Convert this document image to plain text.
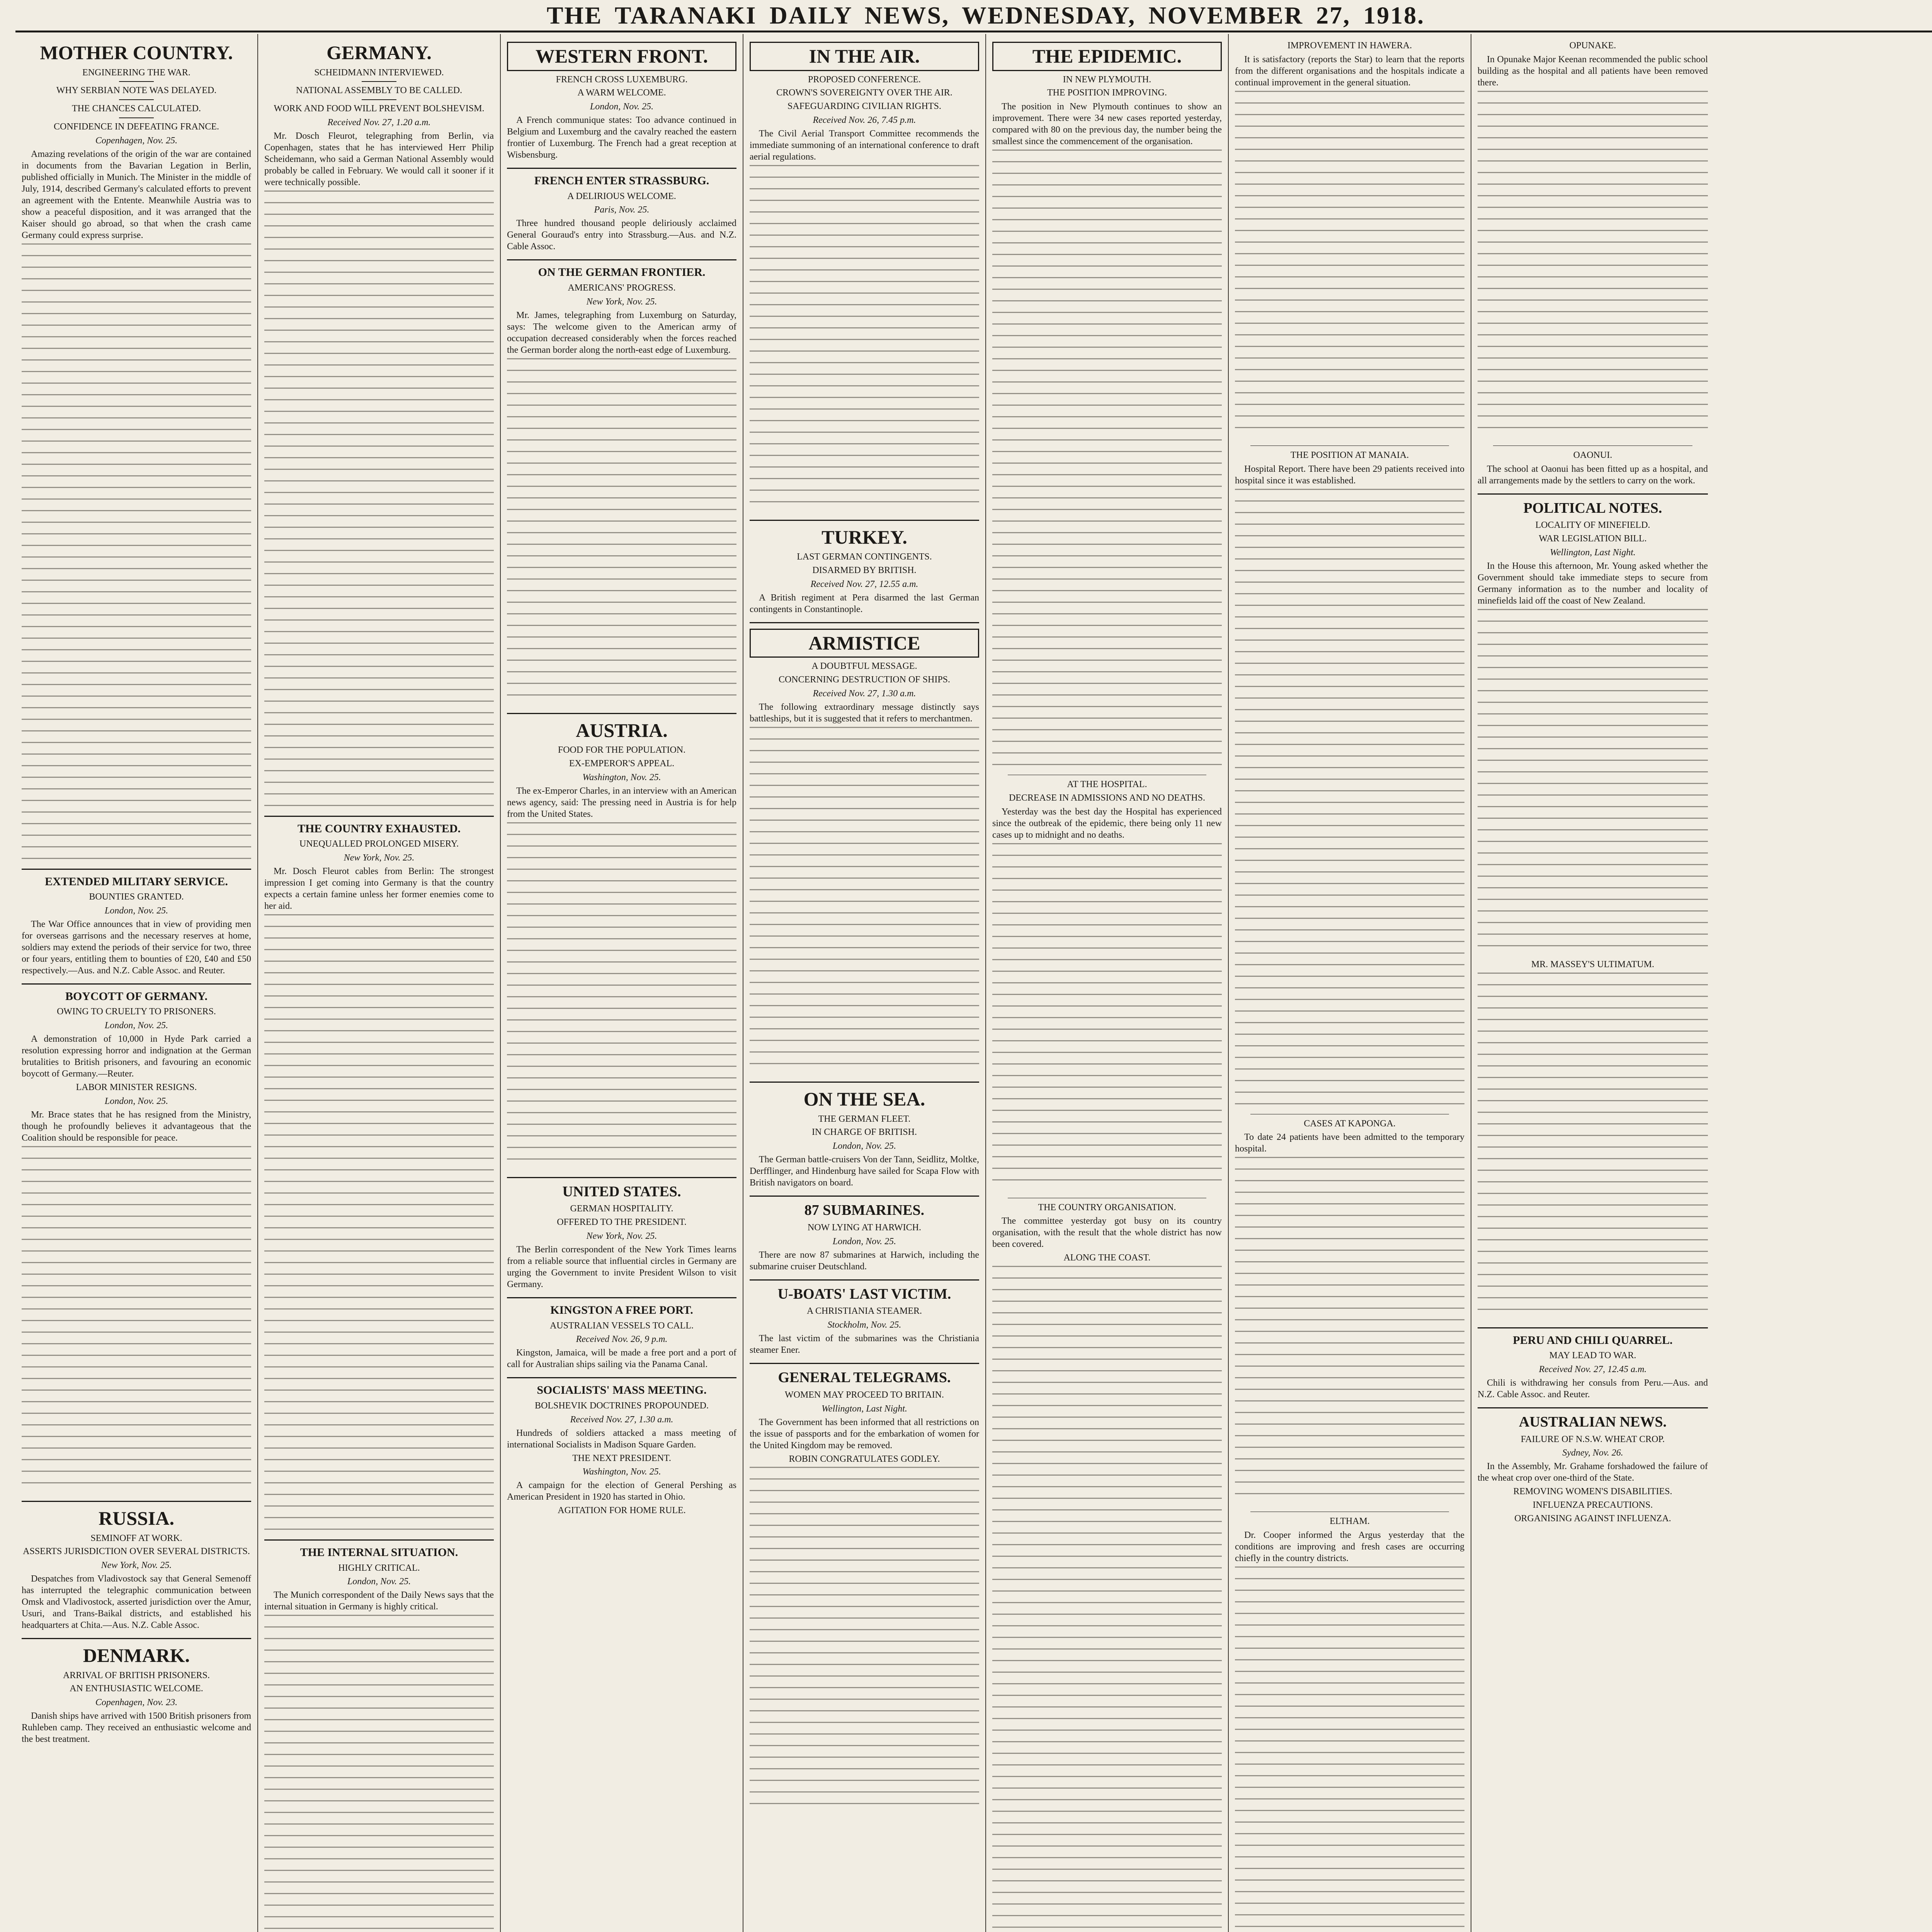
THE TARANAKI DAILY NEWS, WEDNESDAY, NOVEMBER 27, 1918.
MOTHER COUNTRY.
ENGINEERING THE WAR.
WHY SERBIAN NOTE WAS DELAYED.
THE CHANCES CALCULATED.
CONFIDENCE IN DEFEATING FRANCE.
Copenhagen, Nov. 25.

Amazing revelations of the origin of the war are contained in documents from the Bavarian Legation in Berlin, published officially in Munich. The Minister in the middle of July, 1914, described Germany's calculated efforts to prevent an agreement with the Entente. Meanwhile Austria was to show a peaceful disposition, and it was arranged that the Kaiser should go abroad, so that when the crash came Germany could express surprise.

EXTENDED MILITARY SERVICE.
BOUNTIES GRANTED.
London, Nov. 25.

The War Office announces that in view of providing men for overseas garrisons and the necessary reserves at home, soldiers may extend the periods of their service for two, three or four years, entitling them to bounties of £20, £40 and £50 respectively.—Aus. and N.Z. Cable Assoc. and Reuter.

BOYCOTT OF GERMANY.
OWING TO CRUELTY TO PRISONERS.
London, Nov. 25.

A demonstration of 10,000 in Hyde Park carried a resolution expressing horror and indignation at the German brutalities to British prisoners, and favouring an economic boycott of Germany.—Reuter.

LABOR MINISTER RESIGNS.
London, Nov. 25.

Mr. Brace states that he has resigned from the Ministry, though he profoundly believes it advantageous that the Coalition should be responsible for peace.

RUSSIA.
SEMINOFF AT WORK.
ASSERTS JURISDICTION OVER SEVERAL DISTRICTS.
New York, Nov. 25.

Despatches from Vladivostock say that General Semenoff has interrupted the telegraphic communication between Omsk and Vladivostock, asserted jurisdiction over the Amur, Usuri, and Trans-Baikal districts, and established his headquarters at Chita.—Aus. N.Z. Cable Assoc.

DENMARK.
ARRIVAL OF BRITISH PRISONERS.
AN ENTHUSIASTIC WELCOME.
Copenhagen, Nov. 23.

Danish ships have arrived with 1500 British prisoners from Ruhleben camp. They received an enthusiastic welcome and the best treatment.

GERMANY.
SCHEIDMANN INTERVIEWED.
NATIONAL ASSEMBLY TO BE CALLED.
WORK AND FOOD WILL PREVENT BOLSHEVISM.
Received Nov. 27, 1.20 a.m.

Mr. Dosch Fleurot, telegraphing from Berlin, via Copenhagen, states that he has interviewed Herr Philip Scheidemann, who said a German National Assembly would probably be called in February. We would call it sooner if it were technically possible.

THE COUNTRY EXHAUSTED.
UNEQUALLED PROLONGED MISERY.
New York, Nov. 25.

Mr. Dosch Fleurot cables from Berlin: The strongest impression I get coming into Germany is that the country expects a certain famine unless her former enemies come to her aid.

THE INTERNAL SITUATION.
HIGHLY CRITICAL.
London, Nov. 25.

The Munich correspondent of the Daily News says that the internal situation in Germany is highly critical.

WESTERN FRONT.
FRENCH CROSS LUXEMBURG.
A WARM WELCOME.
London, Nov. 25.

A French communique states: Too advance continued in Belgium and Luxemburg and the cavalry reached the eastern frontier of Luxemburg. The French had a great reception at Wisbensburg.

FRENCH ENTER STRASSBURG.
A DELIRIOUS WELCOME.
Paris, Nov. 25.

Three hundred thousand people deliriously acclaimed General Gouraud's entry into Strassburg.—Aus. and N.Z. Cable Assoc.

ON THE GERMAN FRONTIER.
AMERICANS' PROGRESS.
New York, Nov. 25.

Mr. James, telegraphing from Luxemburg on Saturday, says: The welcome given to the American army of occupation decreased considerably when the forces reached the German border along the north-east edge of Luxemburg.

AUSTRIA.
FOOD FOR THE POPULATION.
EX-EMPEROR'S APPEAL.
Washington, Nov. 25.

The ex-Emperor Charles, in an interview with an American news agency, said: The pressing need in Austria is for help from the United States.

UNITED STATES.
GERMAN HOSPITALITY.
OFFERED TO THE PRESIDENT.
New York, Nov. 25.

The Berlin correspondent of the New York Times learns from a reliable source that influential circles in Germany are urging the Government to invite President Wilson to visit Germany.

KINGSTON A FREE PORT.
AUSTRALIAN VESSELS TO CALL.
Received Nov. 26, 9 p.m.

Kingston, Jamaica, will be made a free port and a port of call for Australian ships sailing via the Panama Canal.

SOCIALISTS' MASS MEETING.
BOLSHEVIK DOCTRINES PROPOUNDED.
Received Nov. 27, 1.30 a.m.

Hundreds of soldiers attacked a mass meeting of international Socialists in Madison Square Garden.

THE NEXT PRESIDENT.
Washington, Nov. 25.

A campaign for the election of General Pershing as American President in 1920 has started in Ohio.

AGITATION FOR HOME RULE.
IN THE AIR.
PROPOSED CONFERENCE.
CROWN'S SOVEREIGNTY OVER THE AIR.
SAFEGUARDING CIVILIAN RIGHTS.
Received Nov. 26, 7.45 p.m.

The Civil Aerial Transport Committee recommends the immediate summoning of an international conference to draft aerial regulations.

TURKEY.
LAST GERMAN CONTINGENTS.
DISARMED BY BRITISH.
Received Nov. 27, 12.55 a.m.

A British regiment at Pera disarmed the last German contingents in Constantinople.

ARMISTICE
A DOUBTFUL MESSAGE.
CONCERNING DESTRUCTION OF SHIPS.
Received Nov. 27, 1.30 a.m.

The following extraordinary message distinctly says battleships, but it is suggested that it refers to merchantmen.

ON THE SEA.
THE GERMAN FLEET.
IN CHARGE OF BRITISH.
London, Nov. 25.

The German battle-cruisers Von der Tann, Seidlitz, Moltke, Derfflinger, and Hindenburg have sailed for Scapa Flow with British navigators on board.

87 SUBMARINES.
NOW LYING AT HARWICH.
London, Nov. 25.

There are now 87 submarines at Harwich, including the submarine cruiser Deutschland.

U-BOATS' LAST VICTIM.
A CHRISTIANIA STEAMER.
Stockholm, Nov. 25.

The last victim of the submarines was the Christiania steamer Ener.

GENERAL TELEGRAMS.
WOMEN MAY PROCEED TO BRITAIN.
Wellington, Last Night.

The Government has been informed that all restrictions on the issue of passports and for the embarkation of women for the United Kingdom may be removed.

ROBIN CONGRATULATES GODLEY.
THE EPIDEMIC.
IN NEW PLYMOUTH.
THE POSITION IMPROVING.

The position in New Plymouth continues to show an improvement. There were 34 new cases reported yesterday, compared with 80 on the previous day, the number being the smallest since the commencement of the organisation.

AT THE HOSPITAL.
DECREASE IN ADMISSIONS AND NO DEATHS.

Yesterday was the best day the Hospital has experienced since the outbreak of the epidemic, there being only 11 new cases up to midnight and no deaths.

THE COUNTRY ORGANISATION.

The committee yesterday got busy on its country organisation, with the result that the whole district has now been covered.

ALONG THE COAST.
IMPROVEMENT IN HAWERA.

It is satisfactory (reports the Star) to learn that the reports from the different organisations and the hospitals indicate a continual improvement in the general situation.

THE POSITION AT MANAIA.

Hospital Report. There have been 29 patients received into hospital since it was established.

CASES AT KAPONGA.

To date 24 patients have been admitted to the temporary hospital.

ELTHAM.

Dr. Cooper informed the Argus yesterday that the conditions are improving and fresh cases are occurring chiefly in the country districts.

OPUNAKE.

In Opunake Major Keenan recommended the public school building as the hospital and all patients have been removed there.

OAONUI.

The school at Oaonui has been fitted up as a hospital, and all arrangements made by the settlers to carry on the work.

POLITICAL NOTES.
LOCALITY OF MINEFIELD.
WAR LEGISLATION BILL.
Wellington, Last Night.

In the House this afternoon, Mr. Young asked whether the Government should take immediate steps to secure from Germany information as to the number and locality of minefields laid off the coast of New Zealand.

MR. MASSEY'S ULTIMATUM.
PERU AND CHILI QUARREL.
MAY LEAD TO WAR.
Received Nov. 27, 12.45 a.m.

Chili is withdrawing her consuls from Peru.—Aus. and N.Z. Cable Assoc. and Reuter.

AUSTRALIAN NEWS.
FAILURE OF N.S.W. WHEAT CROP.
Sydney, Nov. 26.

In the Assembly, Mr. Grahame forshadowed the failure of the wheat crop over one-third of the State.

REMOVING WOMEN'S DISABILITIES.
INFLUENZA PRECAUTIONS.
ORGANISING AGAINST INFLUENZA.
